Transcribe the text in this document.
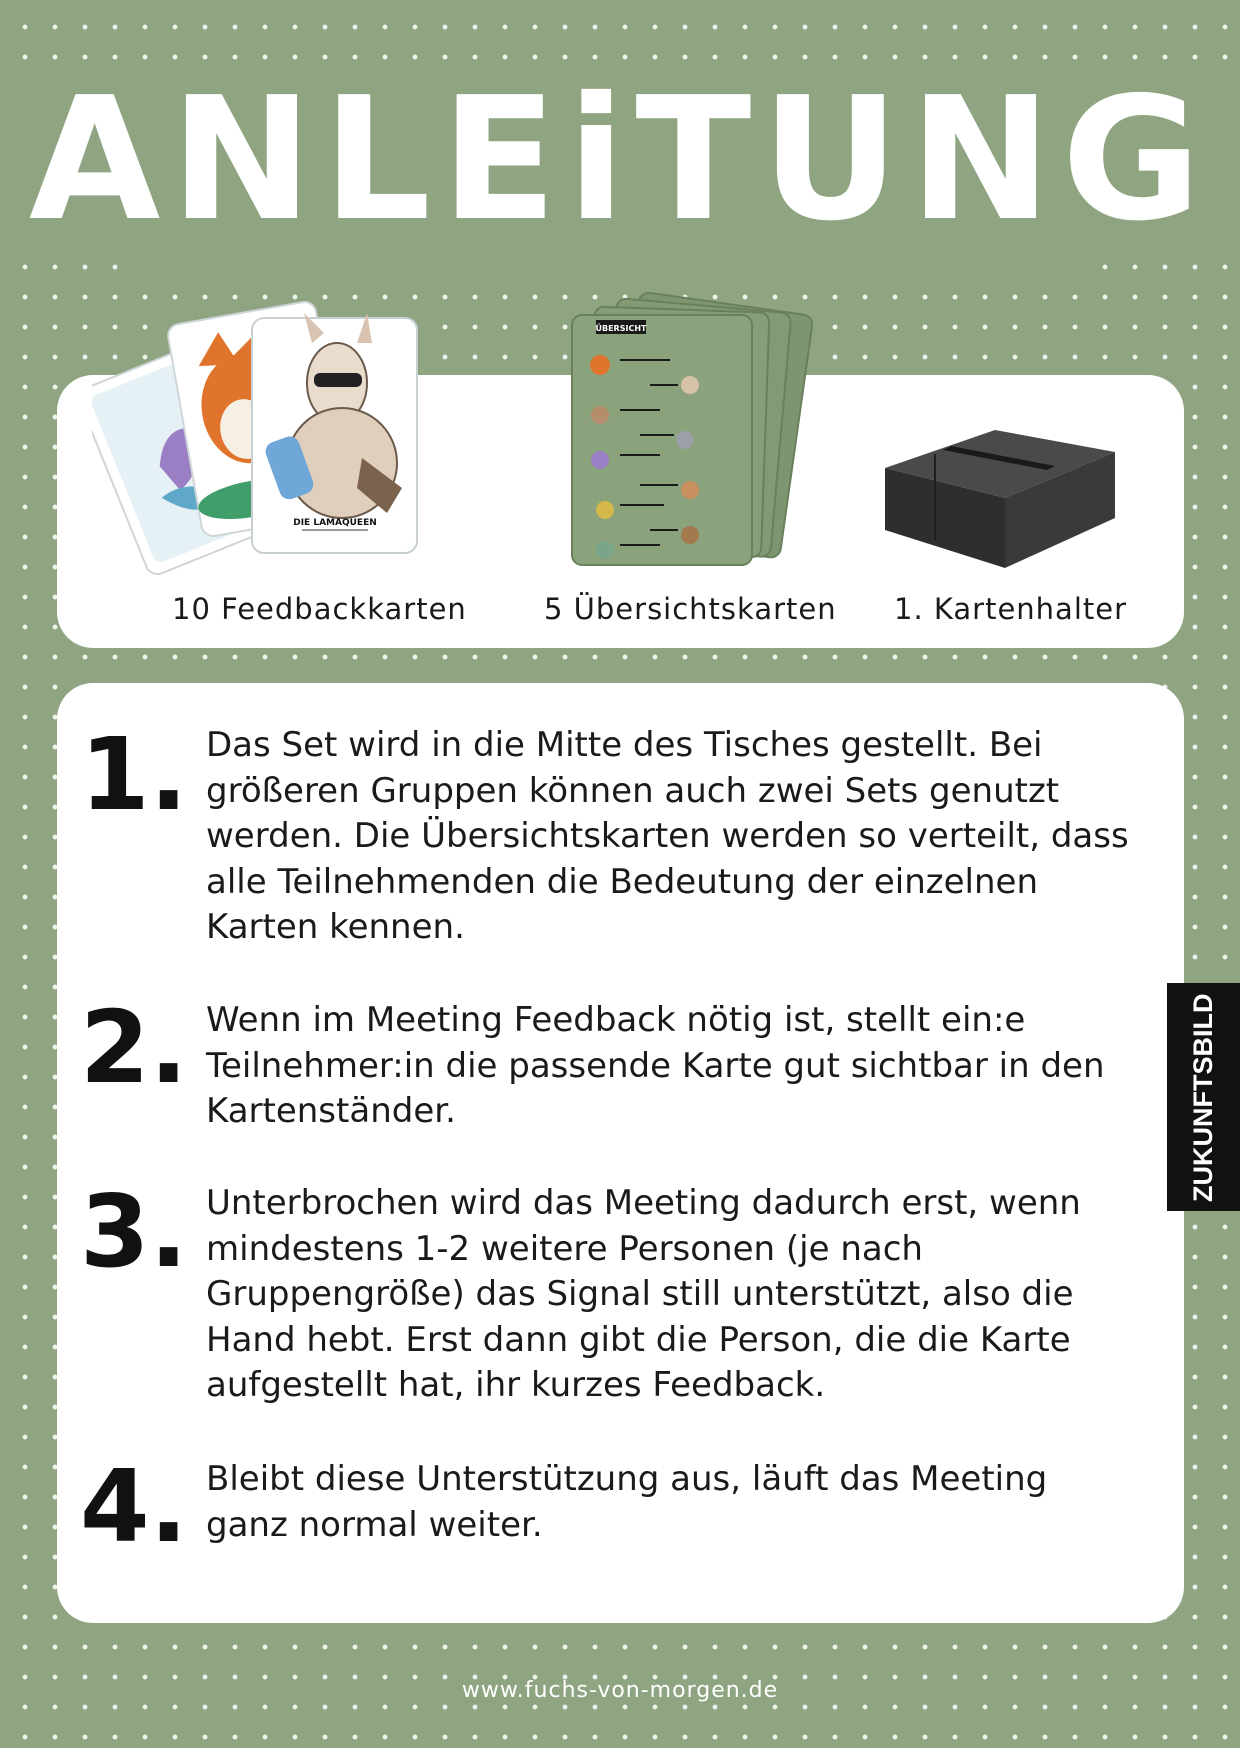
ANLEiTUNG
DIE LAMAQUEEN
ÜBERSICHT
10 Feedbackkarten	5 Übersichtskarten 1. Kartenhalter
1. Das Set wird in die Mitte des Tisches gestellt. Bei größeren Gruppen können auch zwei Sets genutzt werden. Die Übersichtskarten werden so verteilt, dass alle Teilnehmenden die Bedeutung der einzelnen Karten kennen.
2. Wenn im Meeting Feedback nötig ist, stellt ein:e Teilnehmer:in die passende Karte gut sichtbar in den Kartenständer.
3. Unterbrochen wird das Meeting dadurch erst, wenn mindestens 1-2 weitere Personen (je nach Gruppengröße) das Signal still unterstützt, also die Hand hebt. Erst dann gibt die Person, die die Karte aufgestellt hat, ihr kurzes Feedback.
4. Bleibt diese Unterstützung aus, läuft das Meeting ganz normal weiter.
ZUKUNFTSBILD
www.fuchs-von-morgen.de
